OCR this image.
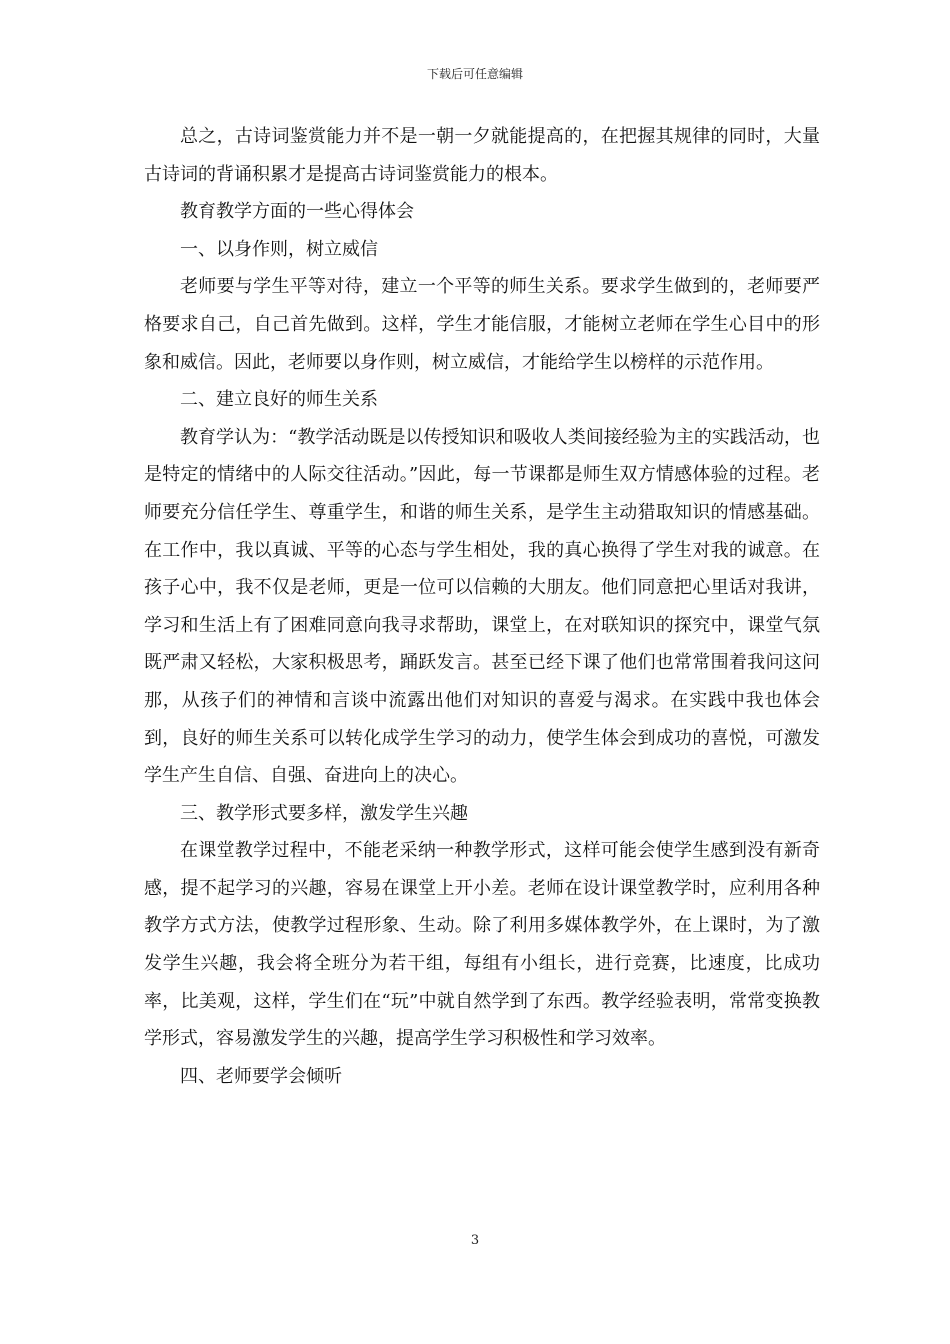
下载后可任意编辑

总之，古诗词鉴赏能力并不是一朝一夕就能提高的，在把握其规律的同时，大量古诗词的背诵积累才是提高古诗词鉴赏能力的根本。

教育教学方面的一些心得体会

一、以身作则，树立威信

老师要与学生平等对待，建立一个平等的师生关系。要求学生做到的，老师要严格要求自己，自己首先做到。这样，学生才能信服，才能树立老师在学生心目中的形象和威信。因此，老师要以身作则，树立威信，才能给学生以榜样的示范作用。

二、建立良好的师生关系

教育学认为：“教学活动既是以传授知识和吸收人类间接经验为主的实践活动，也是特定的情绪中的人际交往活动。”因此，每一节课都是师生双方情感体验的过程。老师要充分信任学生、尊重学生，和谐的师生关系，是学生主动猎取知识的情感基础。在工作中，我以真诚、平等的心态与学生相处，我的真心换得了学生对我的诚意。在孩子心中，我不仅是老师，更是一位可以信赖的大朋友。他们同意把心里话对我讲，学习和生活上有了困难同意向我寻求帮助，课堂上，在对联知识的探究中，课堂气氛既严肃又轻松，大家积极思考，踊跃发言。甚至已经下课了他们也常常围着我问这问那，从孩子们的神情和言谈中流露出他们对知识的喜爱与渴求。在实践中我也体会到，良好的师生关系可以转化成学生学习的动力，使学生体会到成功的喜悦，可激发学生产生自信、自强、奋进向上的决心。

三、教学形式要多样，激发学生兴趣

在课堂教学过程中，不能老采纳一种教学形式，这样可能会使学生感到没有新奇感，提不起学习的兴趣，容易在课堂上开小差。老师在设计课堂教学时，应利用各种教学方式方法，使教学过程形象、生动。除了利用多媒体教学外，在上课时，为了激发学生兴趣，我会将全班分为若干组，每组有小组长，进行竞赛，比速度，比成功率，比美观，这样，学生们在“玩”中就自然学到了东西。教学经验表明，常常变换教学形式，容易激发学生的兴趣，提高学生学习积极性和学习效率。

四、老师要学会倾听

3
